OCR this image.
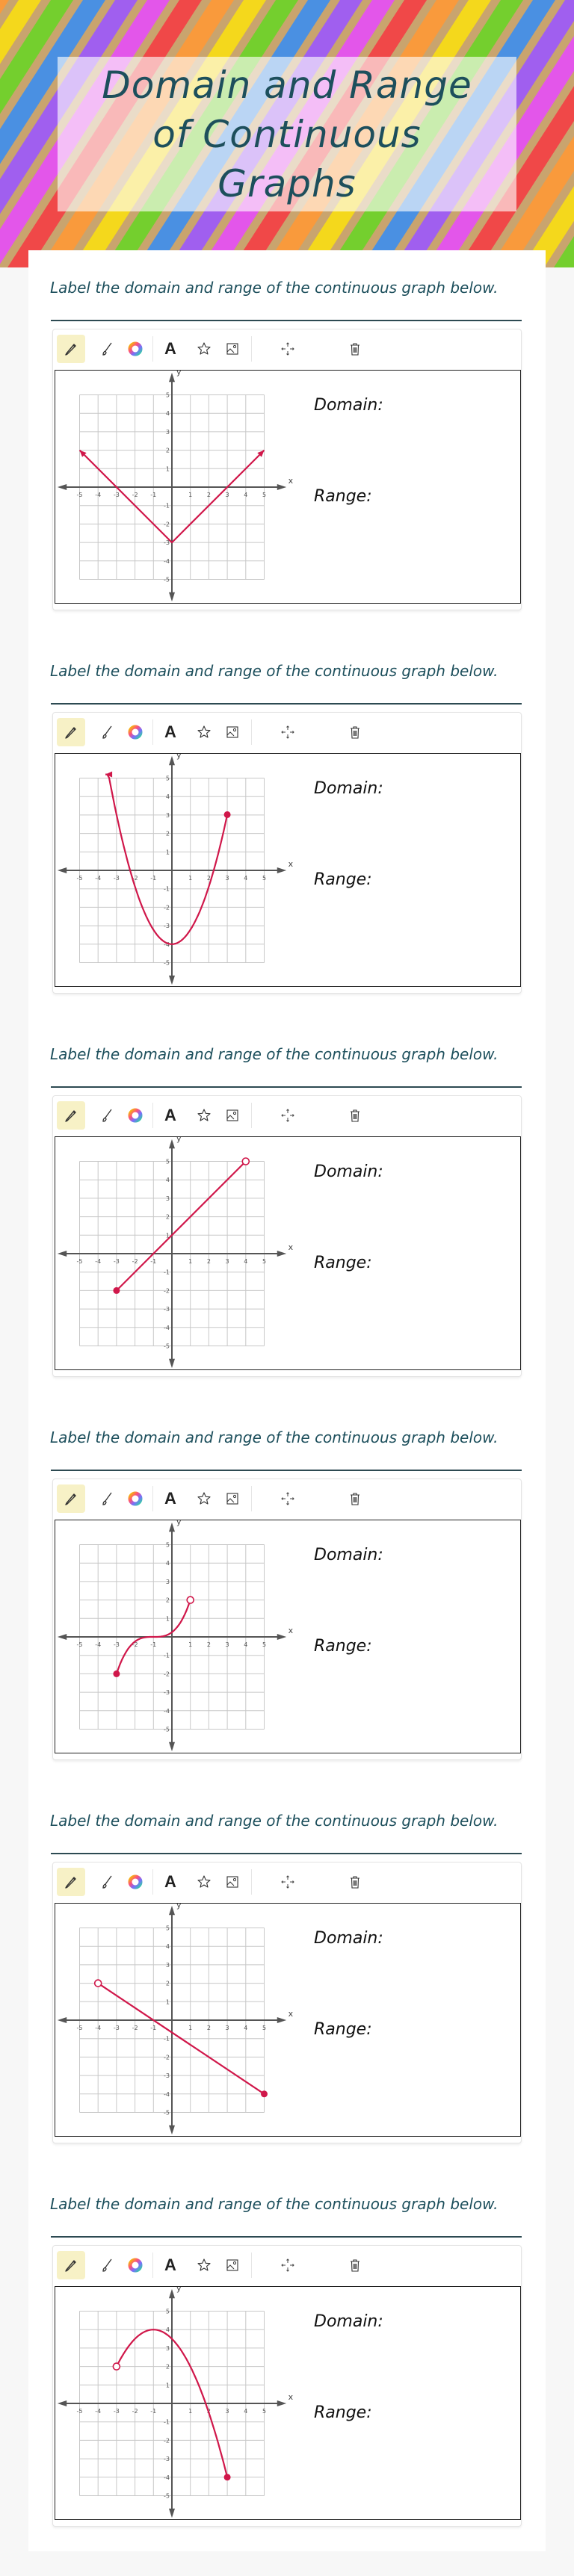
Domain and Range
of Continuous
Graphs
Label the domain and range of the continuous graph below.
A
x
y
-5 -4 -3 -2 -1	1 2 3 4 5
5
4
3
2
1
-1
-2
-3
-4
-5
Domain:
Range:
Label the domain and range of the continuous graph below.
A
x
y
-5 -4 -3 -2 -1	1 2 3 4 5
5
4
3
2
1
-1
-2
-3
-4
-5
Domain:
Range:
Label the domain and range of the continuous graph below.
A
x
y
-5 -4 -3 -2 -1	1 2 3 4 5
5
4
3
2
1
-1
-2
-3
-4
-5
Domain:
Range:
Label the domain and range of the continuous graph below.
A
x
y
-5 -4 -3 -2 -1	1 2 3 4 5
5
4
3
2
1
-1
-2
-3
-4
-5
Domain:
Range:
Label the domain and range of the continuous graph below.
A
x
y
-5 -4 -3 -2 -1	1 2 3 4 5
5
4
3
2
1
-1
-2
-3
-4
-5
Domain:
Range:
Label the domain and range of the continuous graph below.
A
x
y
-5 -4 -3 -2 -1	1 2 3 4 5
5
4
3
2
1
-1
-2
-3
-4
-5
Domain:
Range:
